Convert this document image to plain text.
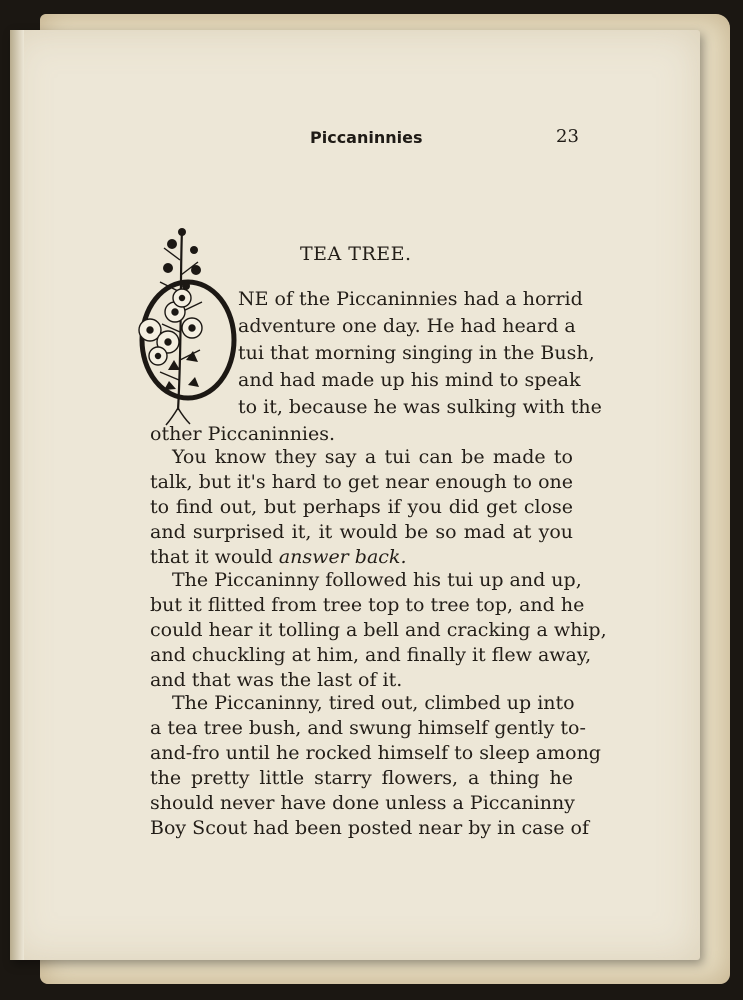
Piccaninnies	23
TEA TREE.
NE of the Piccaninnies had a horrid
adventure one day. He had heard a
tui that morning singing in the Bush,
and had made up his mind to speak
to it, because he was sulking with the
other Piccaninnies.
You know they say a tui can be made to
talk, but it's hard to get near enough to one
to find out, but perhaps if you did get close
and surprised it, it would be so mad at you
that it would answer back.
The Piccaninny followed his tui up and up,
but it flitted from tree top to tree top, and he
could hear it tolling a bell and cracking a whip,
and chuckling at him, and finally it flew away,
and that was the last of it.
The Piccaninny, tired out, climbed up into
a tea tree bush, and swung himself gently to-
and-fro until he rocked himself to sleep among
the pretty little starry flowers, a thing he
should never have done unless a Piccaninny
Boy Scout had been posted near by in case of
